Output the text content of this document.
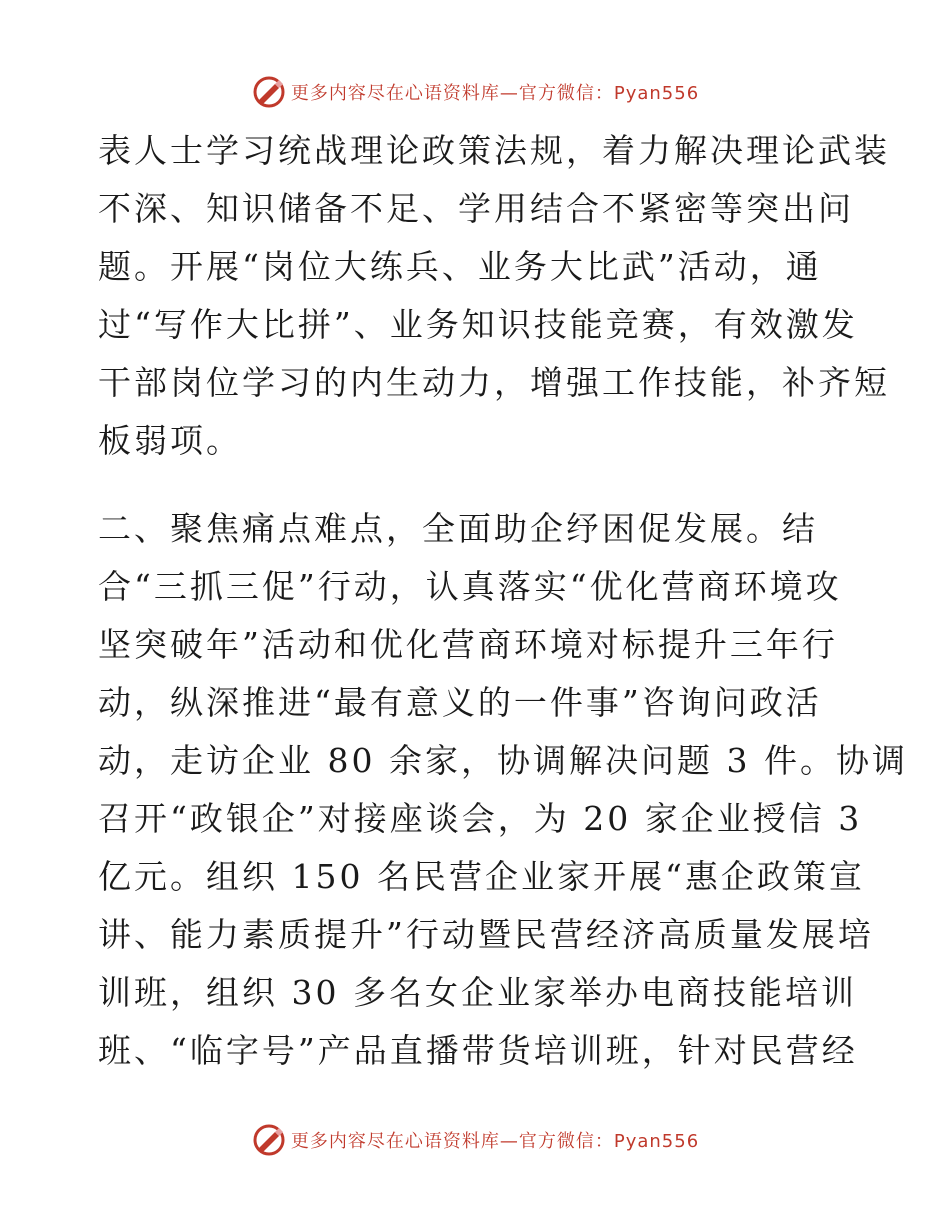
更多内容尽在心语资料库—官方微信：Pyan556
表人士学习统战理论政策法规，着力解决理论武装
不深、知识储备不足、学用结合不紧密等突出问
题。开展“岗位大练兵、业务大比武”活动，通
过“写作大比拼”、业务知识技能竞赛，有效激发
干部岗位学习的内生动力，增强工作技能，补齐短
板弱项。
二、聚焦痛点难点，全面助企纾困促发展。结
合“三抓三促”行动，认真落实“优化营商环境攻
坚突破年”活动和优化营商环境对标提升三年行
动，纵深推进“最有意义的一件事”咨询问政活
动，走访企业 80 余家，协调解决问题 3 件。协调
召开“政银企”对接座谈会，为 20 家企业授信 3
亿元。组织 150 名民营企业家开展“惠企政策宣
讲、能力素质提升”行动暨民营经济高质量发展培
训班，组织 30 多名女企业家举办电商技能培训
班、“临字号”产品直播带货培训班，针对民营经
更多内容尽在心语资料库—官方微信：Pyan556
